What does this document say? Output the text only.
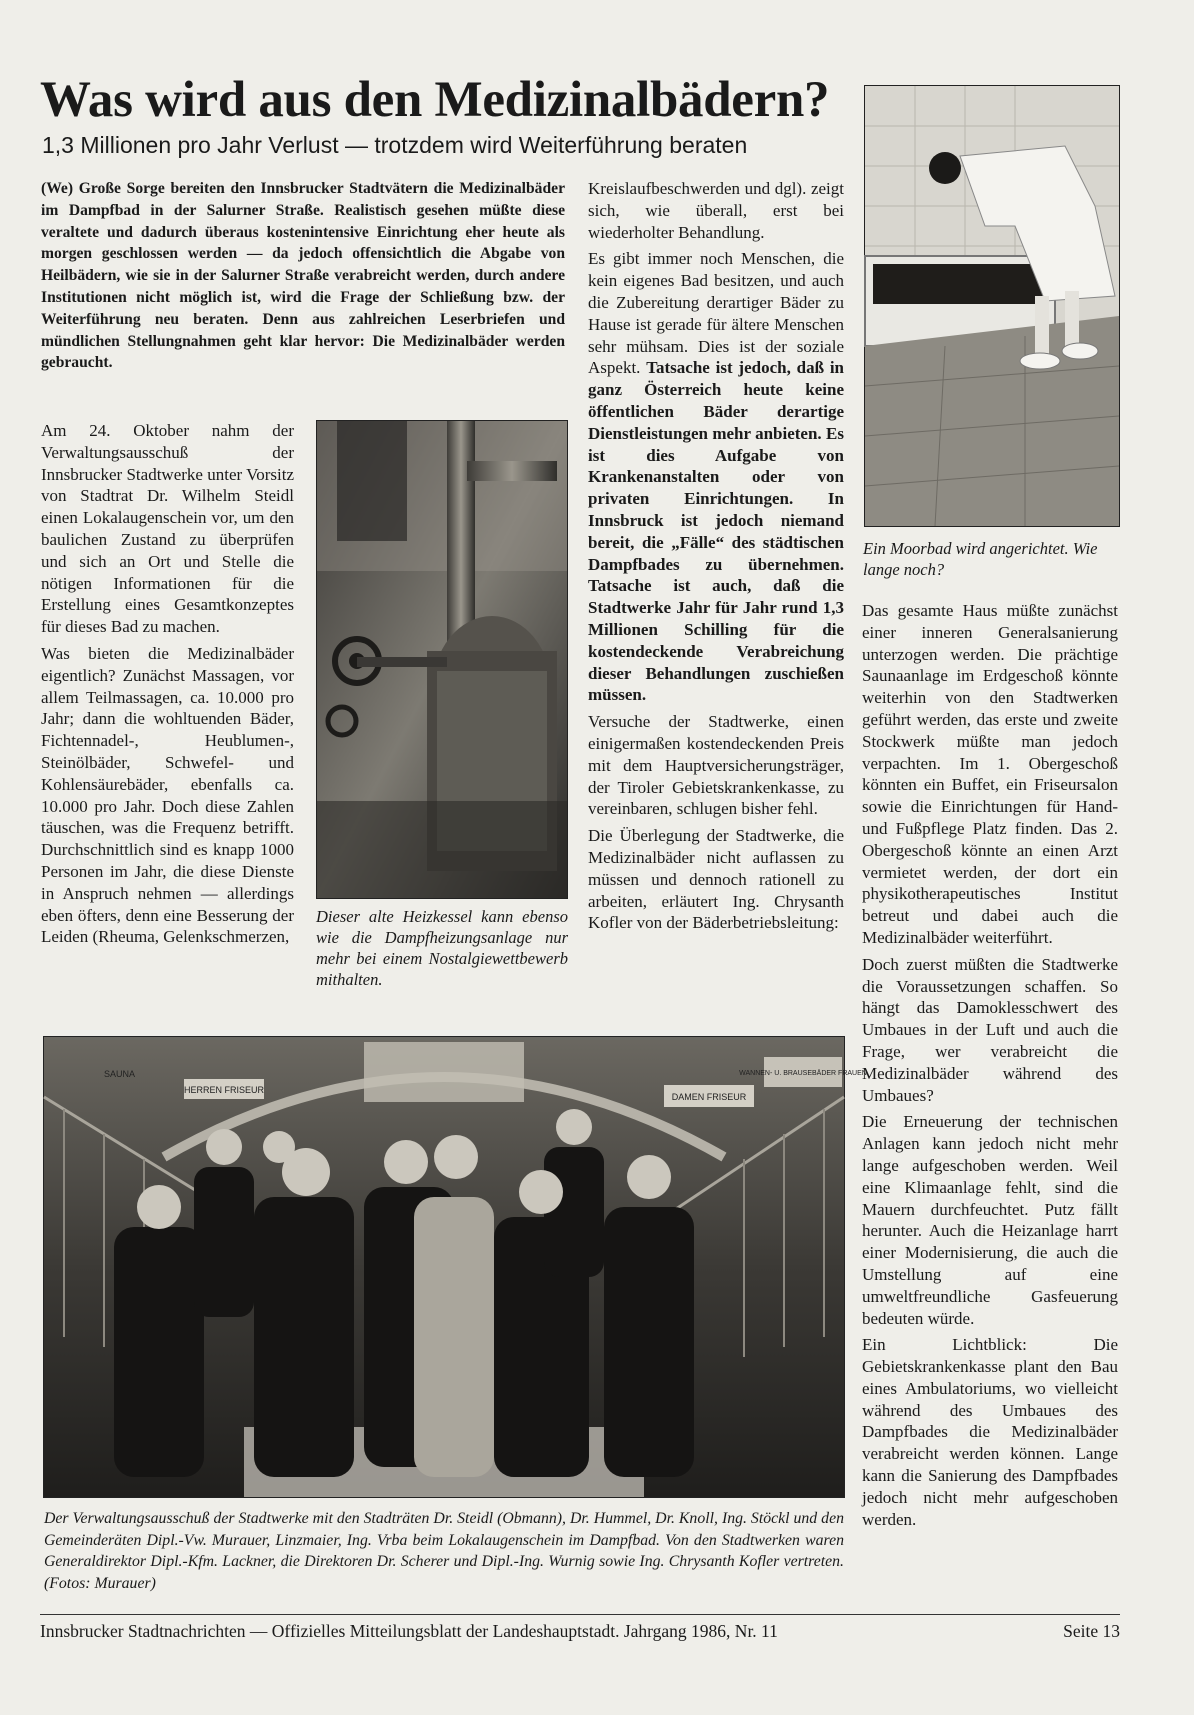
Was wird aus den Medizinalbädern?
1,3 Millionen pro Jahr Verlust — trotzdem wird Weiterführung beraten
(We) Große Sorge bereiten den Innsbrucker Stadtvätern die Medizinalbäder im Dampfbad in der Salurner Straße. Realistisch gesehen müßte diese veraltete und dadurch überaus kostenintensive Einrichtung eher heute als morgen geschlossen werden — da jedoch offensichtlich die Abgabe von Heilbädern, wie sie in der Salurner Straße verabreicht werden, durch andere Institutionen nicht möglich ist, wird die Frage der Schließung bzw. der Weiterführung neu beraten. Denn aus zahlreichen Leserbriefen und mündlichen Stellungnahmen geht klar hervor: Die Medizinalbäder werden gebraucht.

Am 24. Oktober nahm der Verwaltungsausschuß der Innsbrucker Stadtwerke unter Vorsitz von Stadtrat Dr. Wilhelm Steidl einen Lokalaugenschein vor, um den baulichen Zustand zu überprüfen und sich an Ort und Stelle die nötigen Informationen für die Erstellung eines Gesamtkonzeptes für dieses Bad zu machen.

Was bieten die Medizinalbäder eigentlich? Zunächst Massagen, vor allem Teilmassagen, ca. 10.000 pro Jahr; dann die wohltuenden Bäder, Fichtennadel-, Heublumen-, Steinölbäder, Schwefel- und Kohlensäurebäder, ebenfalls ca. 10.000 pro Jahr. Doch diese Zahlen täuschen, was die Frequenz betrifft. Durchschnittlich sind es knapp 1000 Personen im Jahr, die diese Dienste in Anspruch nehmen — allerdings eben öfters, denn eine Besserung der Leiden (Rheuma, Gelenkschmerzen,

Dieser alte Heizkessel kann ebenso wie die Dampfheizungsanlage nur mehr bei einem Nostalgiewettbewerb mithalten.

Kreislaufbeschwerden und dgl). zeigt sich, wie überall, erst bei wiederholter Behandlung.

Es gibt immer noch Menschen, die kein eigenes Bad besitzen, und auch die Zubereitung derartiger Bäder zu Hause ist gerade für ältere Menschen sehr mühsam. Dies ist der soziale Aspekt. Tatsache ist jedoch, daß in ganz Österreich heute keine öffentlichen Bäder derartige Dienstleistungen mehr anbieten. Es ist dies Aufgabe von Krankenanstalten oder von privaten Einrichtungen. In Innsbruck ist jedoch niemand bereit, die „Fälle“ des städtischen Dampfbades zu übernehmen. Tatsache ist auch, daß die Stadtwerke Jahr für Jahr rund 1,3 Millionen Schilling für die kostendeckende Verabreichung dieser Behandlungen zuschießen müssen.

Versuche der Stadtwerke, einen einigermaßen kostendeckenden Preis mit dem Hauptversicherungsträger, der Tiroler Gebietskrankenkasse, zu vereinbaren, schlugen bisher fehl.

Die Überlegung der Stadtwerke, die Medizinalbäder nicht auflassen zu müssen und dennoch rationell zu arbeiten, erläutert Ing. Chrysanth Kofler von der Bäderbetriebsleitung:

Ein Moorbad wird angerichtet. Wie lange noch?

Das gesamte Haus müßte zunächst einer inneren Generalsanierung unterzogen werden. Die prächtige Saunaanlage im Erdgeschoß könnte weiterhin von den Stadtwerken geführt werden, das erste und zweite Stockwerk müßte man jedoch verpachten. Im 1. Obergeschoß könnten ein Buffet, ein Friseursalon sowie die Einrichtungen für Hand- und Fußpflege Platz finden. Das 2. Obergeschoß könnte an einen Arzt vermietet werden, der dort ein physikotherapeutisches Institut betreut und dabei auch die Medizinalbäder weiterführt.

Doch zuerst müßten die Stadtwerke die Voraussetzungen schaffen. So hängt das Damoklesschwert des Umbaues in der Luft und auch die Frage, wer verabreicht die Medizinalbäder während des Umbaues?

Die Erneuerung der technischen Anlagen kann jedoch nicht mehr lange aufgeschoben werden. Weil eine Klimaanlage fehlt, sind die Mauern durchfeuchtet. Putz fällt herunter. Auch die Heizanlage harrt einer Modernisierung, die auch die Umstellung auf eine umweltfreundliche Gasfeuerung bedeuten würde.

Ein Lichtblick: Die Gebietskrankenkasse plant den Bau eines Ambulatoriums, wo vielleicht während des Umbaues des Dampfbades die Medizinalbäder verabreicht werden können. Lange kann die Sanierung des Dampfbades jedoch nicht mehr aufgeschoben werden.

HERREN FRISEUR
DAMEN FRISEUR
WANNEN- U. BRAUSEBÄDER FRAUEN
SAUNA
Der Verwaltungsausschuß der Stadtwerke mit den Stadträten Dr. Steidl (Obmann), Dr. Hummel, Dr. Knoll, Ing. Stöckl und den Gemeinderäten Dipl.-Vw. Murauer, Linzmaier, Ing. Vrba beim Lokalaugenschein im Dampfbad. Von den Stadtwerken waren Generaldirektor Dipl.-Kfm. Lackner, die Direktoren Dr. Scherer und Dipl.-Ing. Wurnig sowie Ing. Chrysanth Kofler vertreten. (Fotos: Murauer)
Innsbrucker Stadtnachrichten — Offizielles Mitteilungsblatt der Landeshauptstadt. Jahrgang 1986, Nr. 11	Seite 13
